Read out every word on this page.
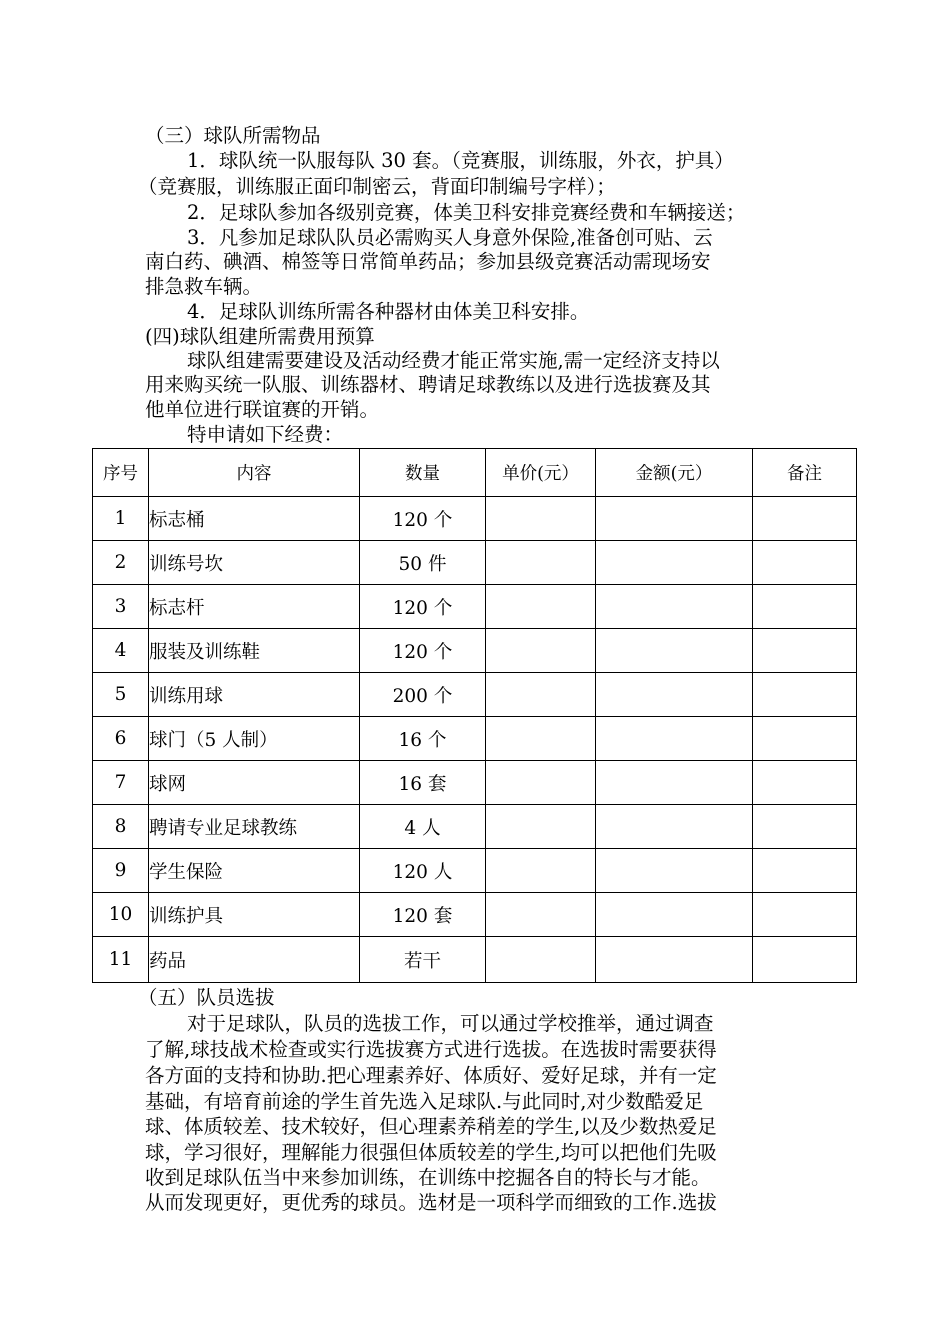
（三）球队所需物品
1．球队统一队服每队 30 套。（竞赛服，训练服，外衣，护具）
（竞赛服，训练服正面印制密云，背面印制编号字样）；
2．足球队参加各级别竞赛，体美卫科安排竞赛经费和车辆接送；
3．凡参加足球队队员必需购买人身意外保险,准备创可贴、云
南白药、碘酒、棉签等日常简单药品；参加县级竞赛活动需现场安
排急救车辆。
4．足球队训练所需各种器材由体美卫科安排。
(四)球队组建所需费用预算
球队组建需要建设及活动经费才能正常实施,需一定经济支持以
用来购买统一队服、训练器材、聘请足球教练以及进行选拔赛及其
他单位进行联谊赛的开销。
特申请如下经费：
序号	内容	数量	单价(元）	金额(元）	备注
1	标志桶	120 个			
2	训练号坎	50 件			
3	标志杆	120 个			
4	服装及训练鞋	120 个			
5	训练用球	200 个			
6	球门（5 人制）	16 个			
7	球网	16 套			
8	聘请专业足球教练	4 人			
9	学生保险	120 人			
10	训练护具	120 套			
11	药品	若干			
（五）队员选拔
对于足球队，队员的选拔工作，可以通过学校推举，通过调查
了解,球技战术检查或实行选拔赛方式进行选拔。在选拔时需要获得
各方面的支持和协助.把心理素养好、体质好、爱好足球，并有一定
基础，有培育前途的学生首先选入足球队.与此同时,对少数酷爱足
球、体质较差、技术较好，但心理素养稍差的学生,以及少数热爱足
球，学习很好，理解能力很强但体质较差的学生,均可以把他们先吸
收到足球队伍当中来参加训练，在训练中挖掘各自的特长与才能。
从而发现更好，更优秀的球员。选材是一项科学而细致的工作.选拔
